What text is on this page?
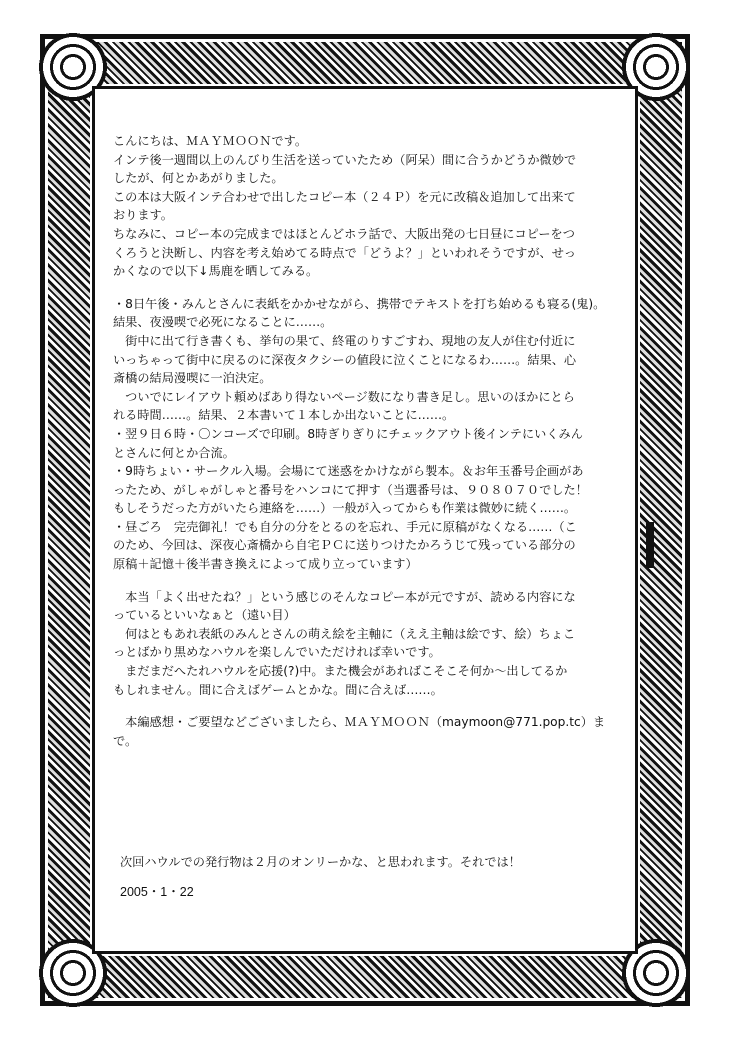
こんにちは、ＭＡＹＭＯＯＮです。

インテ後一週間以上のんびり生活を送っていたため（阿呆）間に合うかどうか微妙で

したが、何とかあがりました。

この本は大阪インテ合わせで出したコピー本（２４Ｐ）を元に改稿＆追加して出来て

おります。

ちなみに、コピー本の完成まではほとんどホラ話で、大阪出発の七日昼にコピーをつ

くろうと決断し、内容を考え始めてる時点で「どうよ？」といわれそうですが、せっ

かくなので以下↓馬鹿を晒してみる。

・8日午後・みんとさんに表紙をかかせながら、携帯でテキストを打ち始めるも寝る(鬼)。

結果、夜漫喫で必死になることに……。

　街中に出て行き書くも、挙句の果て、終電のりすごすわ、現地の友人が住む付近に

いっちゃって街中に戻るのに深夜タクシーの値段に泣くことになるわ……。結果、心

斎橋の結局漫喫に一泊決定。

　ついでにレイアウト頼めばあり得ないページ数になり書き足し。思いのほかにとら

れる時間……。結果、２本書いて１本しか出ないことに……。

・翌９日６時・〇ンコーズで印刷。8時ぎりぎりにチェックアウト後インテにいくみん

とさんに何とか合流。

・9時ちょい・サークル入場。会場にて迷惑をかけながら製本。＆お年玉番号企画があ

ったため、がしゃがしゃと番号をハンコにて押す（当選番号は、９０８０７０でした！

もしそうだった方がいたら連絡を……）一般が入ってからも作業は微妙に続く……。

・昼ごろ　完売御礼！でも自分の分をとるのを忘れ、手元に原稿がなくなる……（こ

のため、今回は、深夜心斎橋から自宅ＰＣに送りつけたかろうじて残っている部分の

原稿＋記憶＋後半書き換えによって成り立っています）

　本当「よく出せたね？」という感じのそんなコピー本が元ですが、読める内容にな

っているといいなぁと（遠い目）

　何はともあれ表紙のみんとさんの萌え絵を主軸に（ええ主軸は絵です、絵）ちょこ

っとばかり黒めなハウルを楽しんでいただければ幸いです。

　まだまだへたれハウルを応援(?)中。また機会があればこそこそ何か～出してるか

もしれません。間に合えばゲームとかな。間に合えば……。

　本編感想・ご要望などございましたら、ＭＡＹＭＯＯＮ（maymoon@771.pop.tc）ま

で。

次回ハウルでの発行物は２月のオンリーかな、と思われます。それでは！
2005・1・22
